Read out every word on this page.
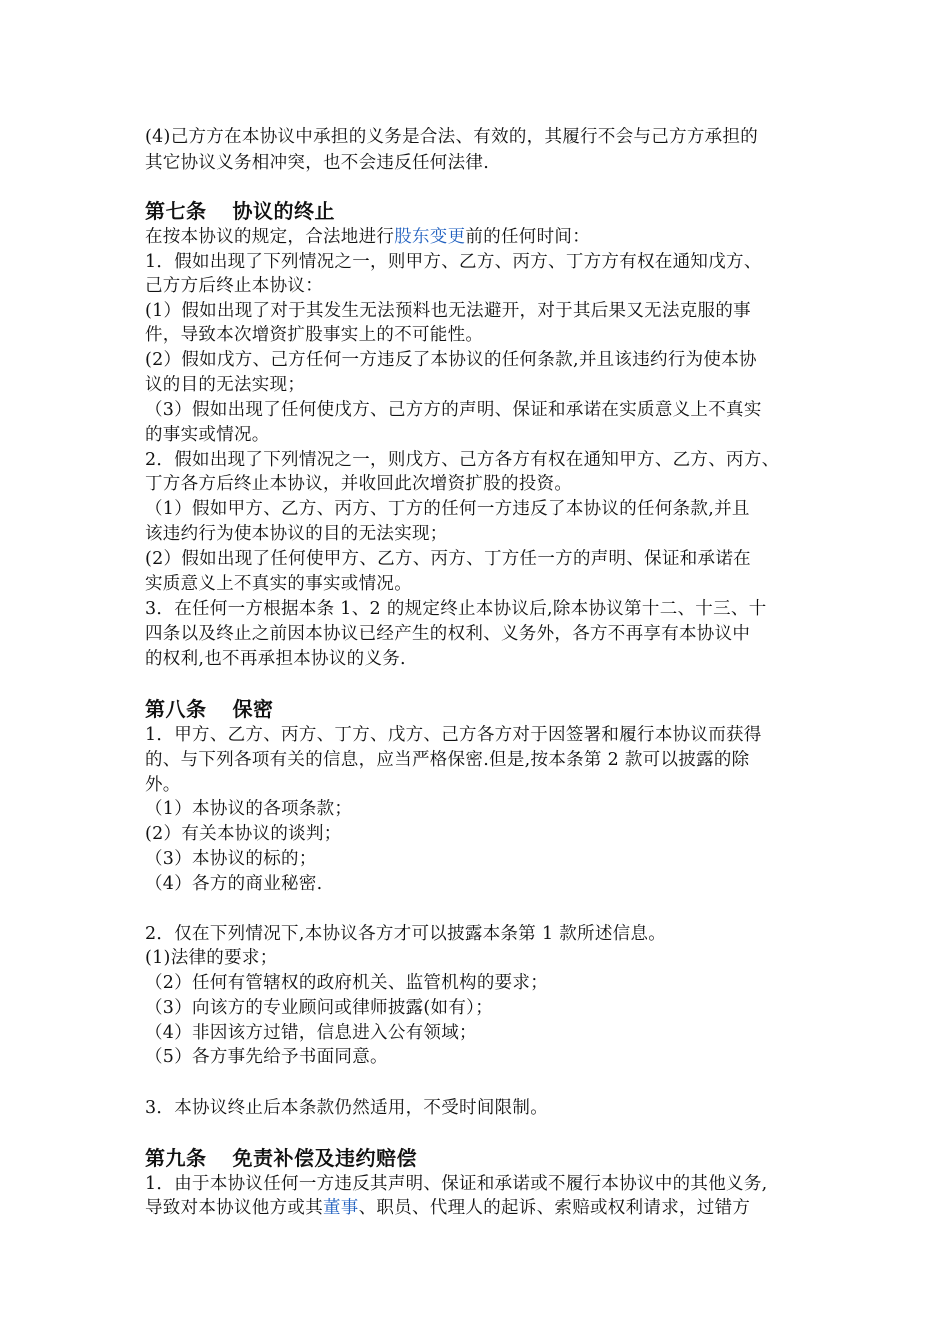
(4)己方方在本协议中承担的义务是合法、有效的，其履行不会与己方方承担的
其它协议义务相冲突，也不会违反任何法律.
第七条 协议的终止
在按本协议的规定，合法地进行股东变更前的任何时间：
1．假如出现了下列情况之一，则甲方、乙方、丙方、丁方方有权在通知戊方、
己方方后终止本协议：
(1）假如出现了对于其发生无法预料也无法避开，对于其后果又无法克服的事
件，导致本次增资扩股事实上的不可能性。
(2）假如戊方、己方任何一方违反了本协议的任何条款,并且该违约行为使本协
议的目的无法实现；
（3）假如出现了任何使戊方、己方方的声明、保证和承诺在实质意义上不真实
的事实或情况。
2．假如出现了下列情况之一，则戊方、己方各方有权在通知甲方、乙方、丙方、
丁方各方后终止本协议，并收回此次增资扩股的投资。
（1）假如甲方、乙方、丙方、丁方的任何一方违反了本协议的任何条款,并且
该违约行为使本协议的目的无法实现；
(2）假如出现了任何使甲方、乙方、丙方、丁方任一方的声明、保证和承诺在
实质意义上不真实的事实或情况。
3．在任何一方根据本条 1、2 的规定终止本协议后,除本协议第十二、十三、十
四条以及终止之前因本协议已经产生的权利、义务外，各方不再享有本协议中
的权利,也不再承担本协议的义务.
第八条 保密
1．甲方、乙方、丙方、丁方、戊方、己方各方对于因签署和履行本协议而获得
的、与下列各项有关的信息，应当严格保密.但是,按本条第 2 款可以披露的除
外。
（1）本协议的各项条款；
(2）有关本协议的谈判；
（3）本协议的标的；
（4）各方的商业秘密.
2．仅在下列情况下,本协议各方才可以披露本条第 1 款所述信息。
(1)法律的要求；
（2）任何有管辖权的政府机关、监管机构的要求；
（3）向该方的专业顾问或律师披露(如有）；
（4）非因该方过错，信息进入公有领域；
（5）各方事先给予书面同意。
3．本协议终止后本条款仍然适用，不受时间限制。
第九条 免责补偿及违约赔偿
1．由于本协议任何一方违反其声明、保证和承诺或不履行本协议中的其他义务,
导致对本协议他方或其董事、职员、代理人的起诉、索赔或权利请求，过错方
